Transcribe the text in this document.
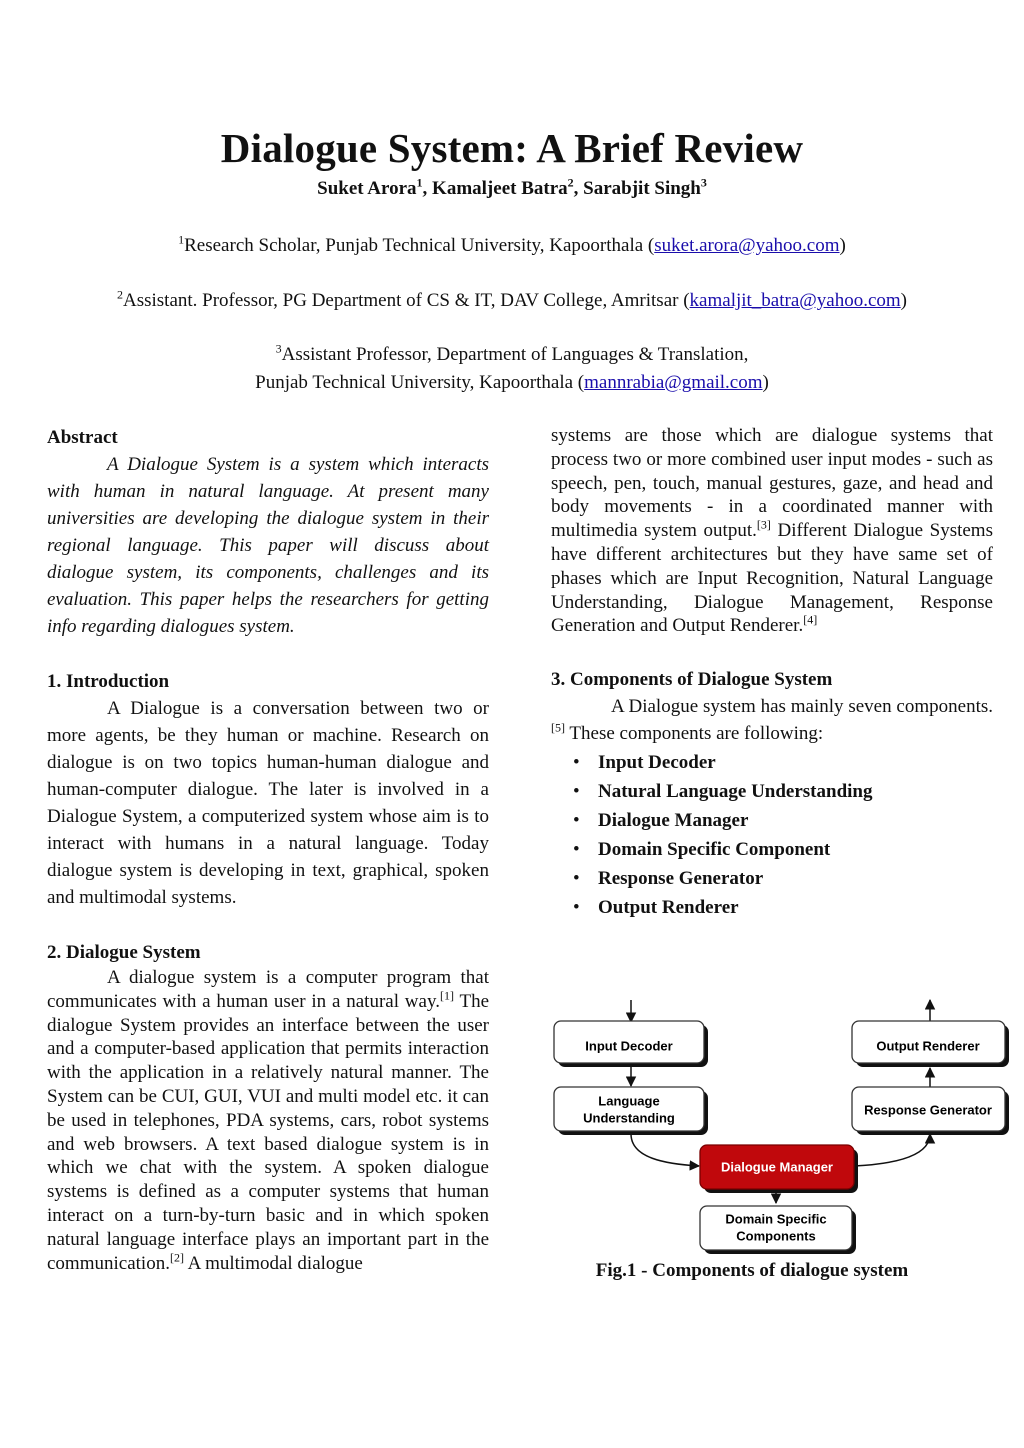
Dialogue System: A Brief Review
Suket Arora$^1$, Kamaljeet Batra$^2$, Sarabjit Singh$^3$
$^1$Research Scholar, Punjab Technical University, Kapoorthala (suket.arora@yahoo.com)
$^2$Assistant. Professor, PG Department of CS & IT, DAV College, Amritsar (kamaljit_batra@yahoo.com)
$^3$Assistant Professor, Department of Languages & Translation,
Punjab Technical University, Kapoorthala (mannrabia@gmail.com)

Abstract

A Dialogue System is a system which interacts with human in natural language. At present many universities are developing the dialogue system in their regional language. This paper will discuss about dialogue system, its components, challenges and its evaluation. This paper helps the researchers for getting info regarding dialogues system.

1. Introduction

A Dialogue is a conversation between two or more agents, be they human or machine. Research on dialogue is on two topics human-human dialogue and human-computer dialogue. The later is involved in a Dialogue System, a computerized system whose aim is to interact with humans in a natural language. Today dialogue system is developing in text, graphical, spoken and multimodal systems.

2. Dialogue System

A dialogue system is a computer program that communicates with a human user in a natural way.[1] The dialogue System provides an interface between the user and a computer-based application that permits interaction with the application in a relatively natural manner. The System can be CUI, GUI, VUI and multi model etc. it can be used in telephones, PDA systems, cars, robot systems and web browsers. A text based dialogue system is in which we chat with the system. A spoken dialogue systems is defined as a computer systems that human interact on a turn-by-turn basic and in which spoken natural language interface plays an important part in the communication.[2] A multimodal dialogue

systems are those which are dialogue systems that process two or more combined user input modes - such as speech, pen, touch, manual gestures, gaze, and head and body movements - in a coordinated manner with multimedia system output.[3] Different Dialogue Systems have different architectures but they have same set of phases which are Input Recognition, Natural Language Understanding, Dialogue Management, Response Generation and Output Renderer.[4]

3. Components of Dialogue System

A Dialogue system has mainly seven components.[5] These components are following:

• Input Decoder
• Natural Language Understanding
• Dialogue Manager
• Domain Specific Component
• Response Generator
• Output Renderer
Input Decoder	Output Renderer
Language
Understanding
Response Generator
Dialogue Manager
Domain Specific
Components
Fig.1 - Components of dialogue system
